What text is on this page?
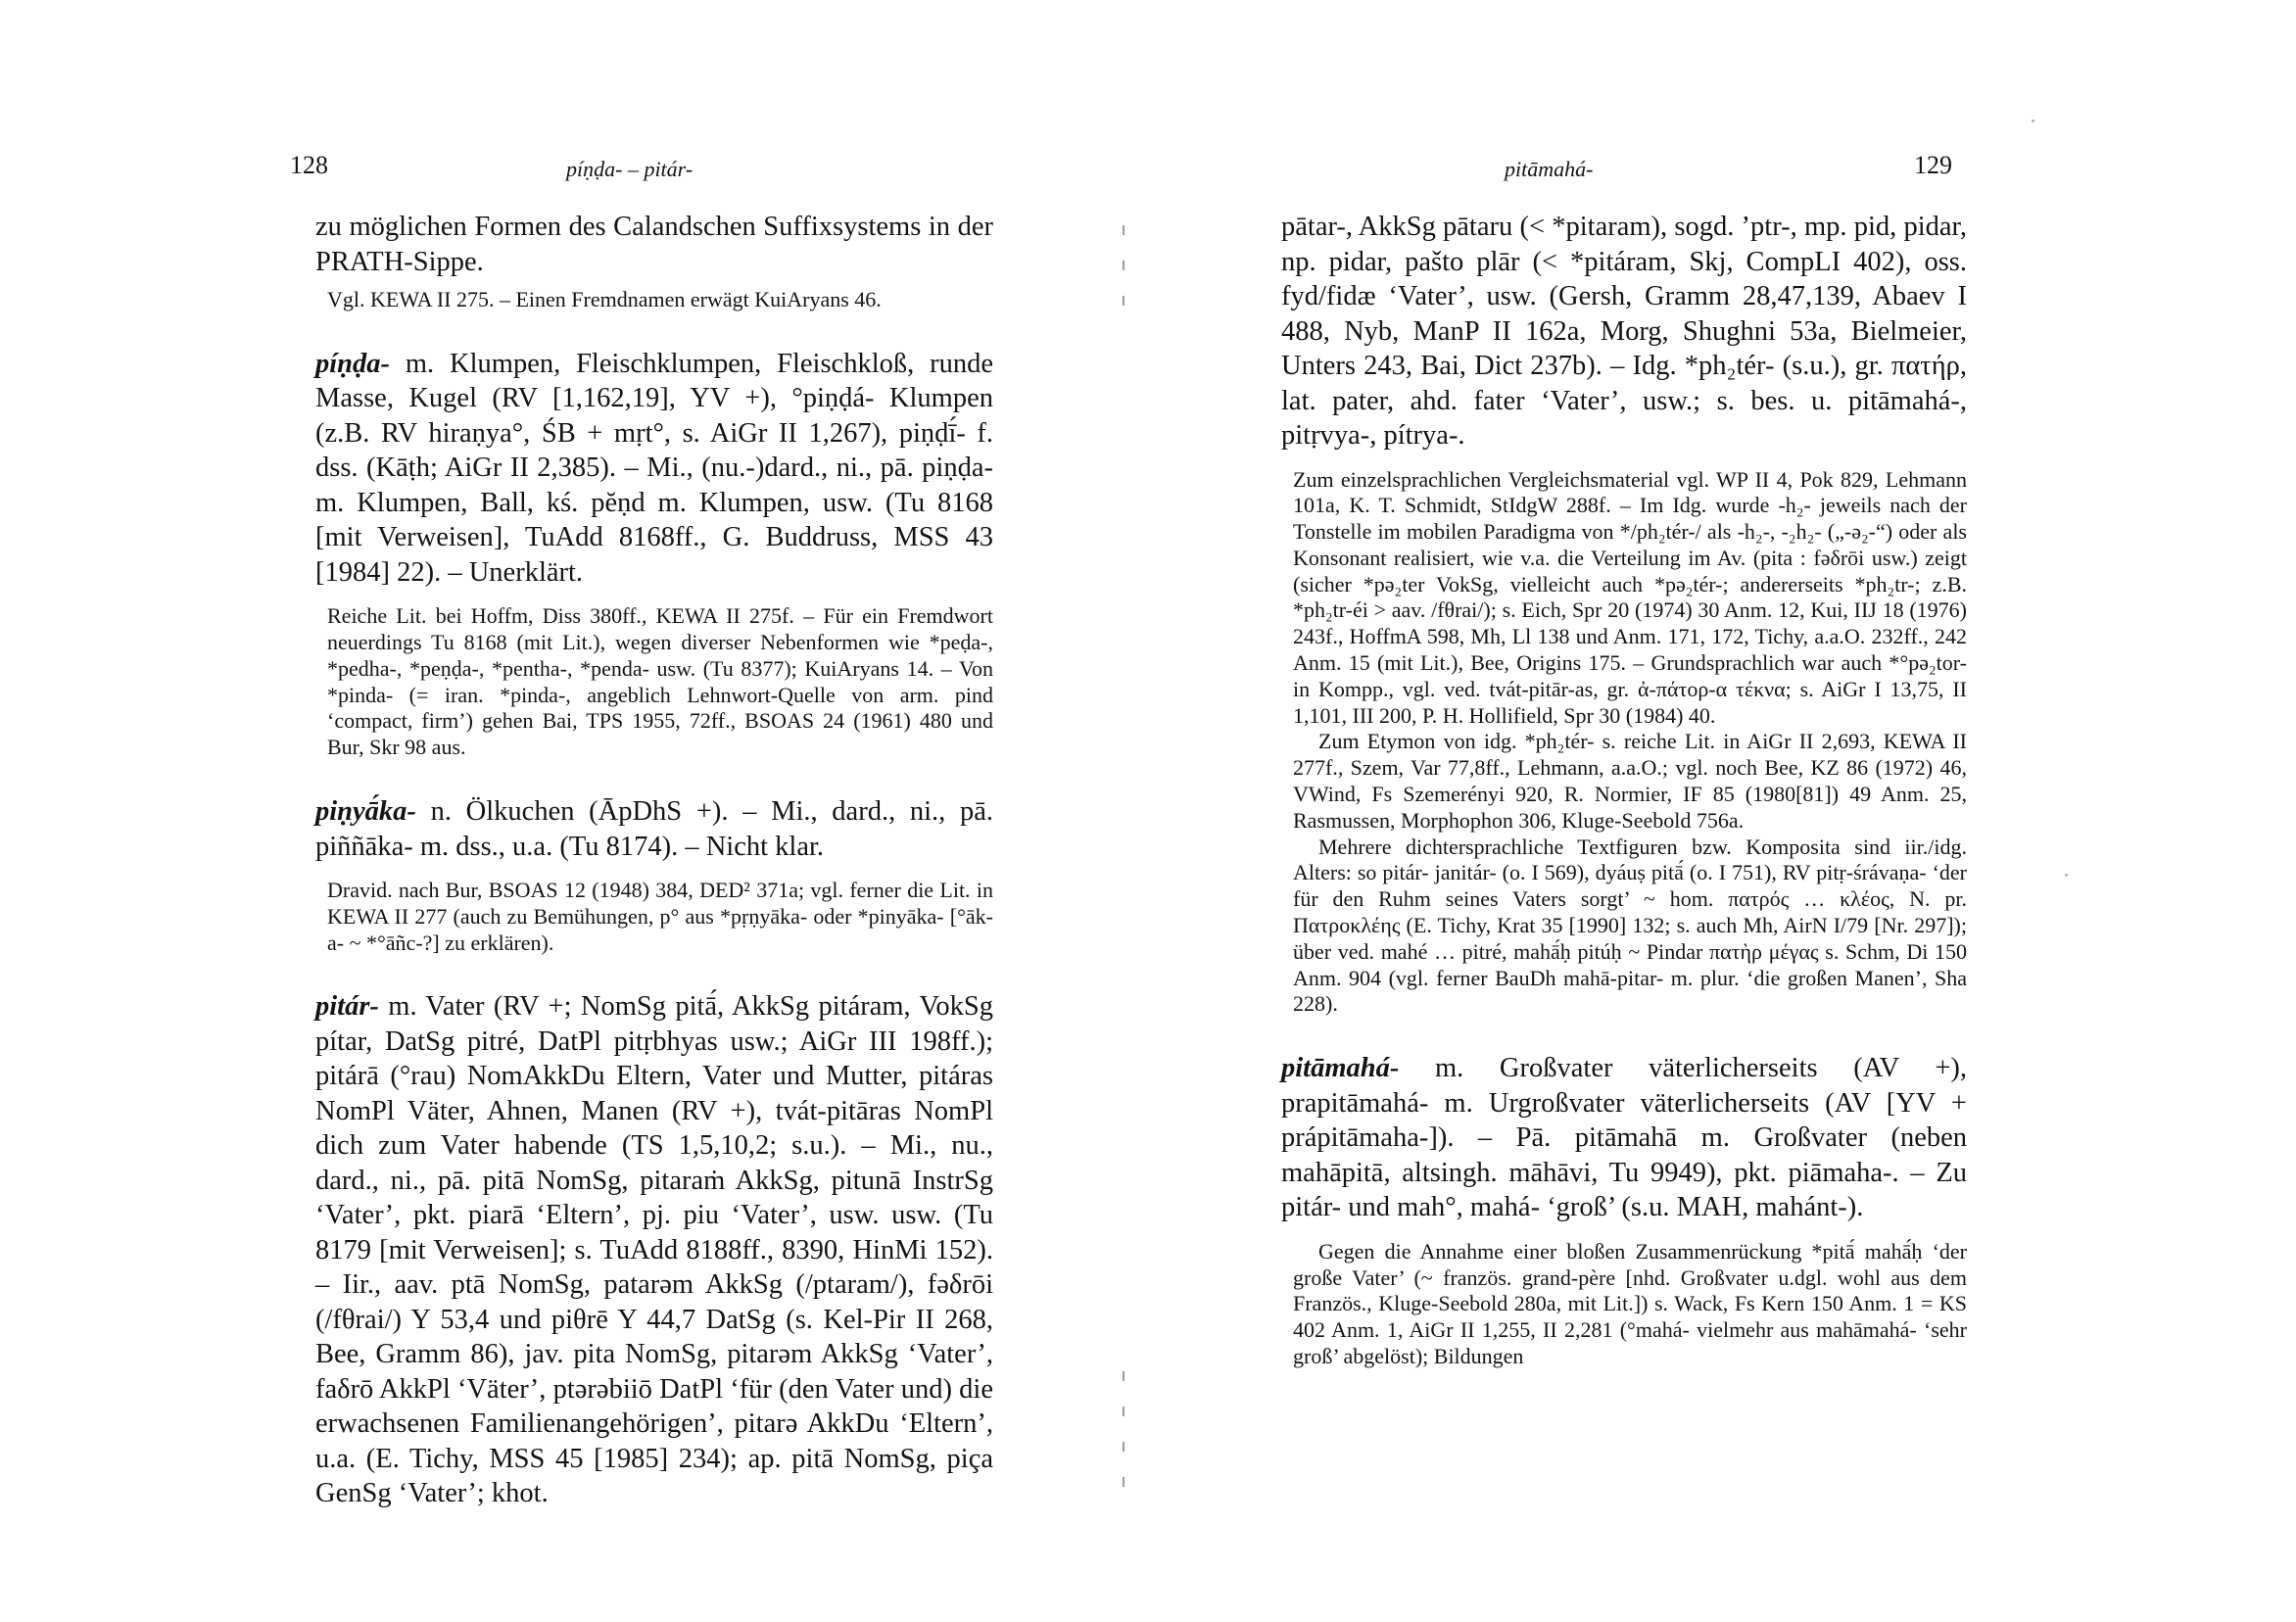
128	píṇḍa- – pitár-

zu möglichen Formen des Calandschen Suffixsystems in der PRATH-Sippe.

Vgl. KEWA II 275. – Einen Fremdnamen erwägt KuiAryans 46.

píṇḍa- m. Klumpen, Fleischklumpen, Fleischkloß, runde Masse, Kugel (RV [1,162,19], YV +), °piṇḍá- Klumpen (z.B. RV hiraṇya°, ŚB + mṛt°, s. AiGr II 1,267), piṇḍī́- f. dss. (Kāṭh; AiGr II 2,385). – Mi., (nu.-)dard., ni., pā. piṇḍa- m. Klumpen, Ball, kś. pĕṇd m. Klumpen, usw. (Tu 8168 [mit Verweisen], TuAdd 8168ff., G. Buddruss, MSS 43 [1984] 22). – Unerklärt.

Reiche Lit. bei Hoffm, Diss 380ff., KEWA II 275f. – Für ein Fremdwort neuerdings Tu 8168 (mit Lit.), wegen diverser Nebenformen wie *peḍa-, *pedha-, *peṇḍa-, *pentha-, *penda- usw. (Tu 8377); KuiAryans 14. – Von *pinda- (= iran. *pinda-, angeblich Lehnwort-Quelle von arm. pind ‘compact, firm’) gehen Bai, TPS 1955, 72ff., BSOAS 24 (1961) 480 und Bur, Skr 98 aus.

piṇyā́ka- n. Ölkuchen (ĀpDhS +). – Mi., dard., ni., pā. piññāka- m. dss., u.a. (Tu 8174). – Nicht klar.

Dravid. nach Bur, BSOAS 12 (1948) 384, DED² 371a; vgl. ferner die Lit. in KEWA II 277 (auch zu Bemühungen, p° aus *pṛṇyāka- oder *pinyāka- [°āk-a- ~ *°āñc-?] zu erklären).

pitár- m. Vater (RV +; NomSg pitā́, AkkSg pitáram, VokSg pítar, DatSg pitré, DatPl pitṛbhyas usw.; AiGr III 198ff.); pitárā (°rau) NomAkkDu Eltern, Vater und Mutter, pitáras NomPl Väter, Ahnen, Manen (RV +), tvát-pitāras NomPl dich zum Vater habende (TS 1,5,10,2; s.u.). – Mi., nu., dard., ni., pā. pitā NomSg, pitaraṁ AkkSg, pitunā InstrSg ‘Vater’, pkt. piarā ‘Eltern’, pj. piu ‘Vater’, usw. usw. (Tu 8179 [mit Verweisen]; s. TuAdd 8188ff., 8390, HinMi 152). – Iir., aav. ptā NomSg, patarəm AkkSg (/ptaram/), fəδrōi (/fθrai/) Y 53,4 und piθrē Y 44,7 DatSg (s. Kel-Pir II 268, Bee, Gramm 86), jav. pita NomSg, pitarəm AkkSg ‘Vater’, faδrō AkkPl ‘Väter’, ptərəbiiō DatPl ‘für (den Vater und) die erwachsenen Familienangehörigen’, pitarə AkkDu ‘Eltern’, u.a. (E. Tichy, MSS 45 [1985] 234); ap. pitā NomSg, piça GenSg ‘Vater’; khot.

pitāmahá-	129

pātar-, AkkSg pātaru (< *pitaram), sogd. ’ptr-, mp. pid, pidar, np. pidar, pašto plār (< *pitáram, Skj, CompLI 402), oss. fyd/fidæ ‘Vater’, usw. (Gersh, Gramm 28,47,139, Abaev I 488, Nyb, ManP II 162a, Morg, Shughni 53a, Bielmeier, Unters 243, Bai, Dict 237b). – Idg. *ph₂tér- (s.u.), gr. πατήρ, lat. pater, ahd. fater ‘Vater’, usw.; s. bes. u. pitāmahá-, pitṛvya-, pítrya-.

Zum einzelsprachlichen Vergleichsmaterial vgl. WP II 4, Pok 829, Lehmann 101a, K. T. Schmidt, StIdgW 288f. – Im Idg. wurde -h₂- jeweils nach der Tonstelle im mobilen Paradigma von */ph₂tér-/ als -h₂-, -₂h₂- („-ə₂-“) oder als Konsonant realisiert, wie v.a. die Verteilung im Av. (pita : fəδrōi usw.) zeigt (sicher *pə₂ter VokSg, vielleicht auch *pə₂tér-; andererseits *ph₂tr-; z.B. *ph₂tr-éi > aav. /fθrai/); s. Eich, Spr 20 (1974) 30 Anm. 12, Kui, IIJ 18 (1976) 243f., HoffmA 598, Mh, Ll 138 und Anm. 171, 172, Tichy, a.a.O. 232ff., 242 Anm. 15 (mit Lit.), Bee, Origins 175. – Grundsprachlich war auch *°pə₂tor- in Kompp., vgl. ved. tvát-pitār-as, gr. ἀ-πάτορ-α τέκνα; s. AiGr I 13,75, II 1,101, III 200, P. H. Hollifield, Spr 30 (1984) 40.

Zum Etymon von idg. *ph₂tér- s. reiche Lit. in AiGr II 2,693, KEWA II 277f., Szem, Var 77,8ff., Lehmann, a.a.O.; vgl. noch Bee, KZ 86 (1972) 46, VWind, Fs Szemerényi 920, R. Normier, IF 85 (1980[81]) 49 Anm. 25, Rasmussen, Morphophon 306, Kluge-Seebold 756a.

Mehrere dichtersprachliche Textfiguren bzw. Komposita sind iir./idg. Alters: so pitár- janitár- (o. I 569), dyáuṣ pitā́ (o. I 751), RV pitṛ-śrávaṇa- ‘der für den Ruhm seines Vaters sorgt’ ~ hom. πατρός … κλέος, N. pr. Πατροκλέης (E. Tichy, Krat 35 [1990] 132; s. auch Mh, AirN I/79 [Nr. 297]); über ved. mahé … pitré, mahā́ḥ pitúḥ ~ Pindar πατὴρ μέγας s. Schm, Di 150 Anm. 904 (vgl. ferner BauDh mahā-pitar- m. plur. ‘die großen Manen’, Sha 228).

pitāmahá- m. Großvater väterlicherseits (AV +), prapitāmahá- m. Urgroßvater väterlicherseits (AV [YV + prápitāmaha-]). – Pā. pitāmahā m. Großvater (neben mahāpitā, altsingh. māhāvi, Tu 9949), pkt. piāmaha-. – Zu pitár- und mah°, mahá- ‘groß’ (s.u. MAH, mahánt-).

Gegen die Annahme einer bloßen Zusammenrückung *pitā́ mahā́ḥ ‘der große Vater’ (~ französ. grand-père [nhd. Großvater u.dgl. wohl aus dem Französ., Kluge-Seebold 280a, mit Lit.]) s. Wack, Fs Kern 150 Anm. 1 = KS 402 Anm. 1, AiGr II 1,255, II 2,281 (°mahá- vielmehr aus mahāmahá- ‘sehr groß’ abgelöst); Bildungen
